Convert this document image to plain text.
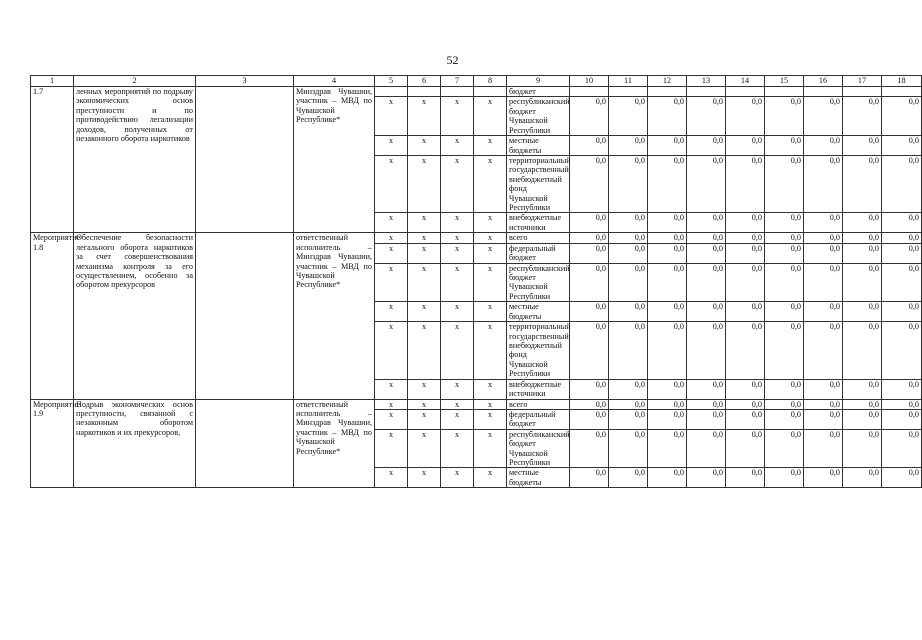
52
1	2	3	4	5	6	7	8	9	10	11	12	13	14	15	16	17	18
1.7	ленных мероприятий по подрыву экономических основ преступности и по противодействию легализации доходов, полученных от незаконного оборота наркотиков		Минздрав Чувашии, участник – МВД по Чувашской Республике*					бюджет									
				x	x	x	x	республиканский бюджет Чувашской Республики	0,0	0,0	0,0	0,0	0,0	0,0	0,0	0,0	0,0
				x	x	x	x	местные бюджеты	0,0	0,0	0,0	0,0	0,0	0,0	0,0	0,0	0,0
				x	x	x	x	территориальный государственный внебюджетный фонд Чувашской Республики	0,0	0,0	0,0	0,0	0,0	0,0	0,0	0,0	0,0
				x	x	x	x	внебюджетные источники	0,0	0,0	0,0	0,0	0,0	0,0	0,0	0,0	0,0
Мероприятие 1.8	Обеспечение безопасности легального оборота наркотиков за счет совершенствования механизма контроля за его осуществлением, особенно за оборотом прекурсоров		ответственный исполнитель – Минздрав Чувашии, участник – МВД по Чувашской Республике*	x	x	x	x	всего	0,0	0,0	0,0	0,0	0,0	0,0	0,0	0,0	0,0
				x	x	x	x	федеральный бюджет	0,0	0,0	0,0	0,0	0,0	0,0	0,0	0,0	0,0
				x	x	x	x	республиканский бюджет Чувашской Республики	0,0	0,0	0,0	0,0	0,0	0,0	0,0	0,0	0,0
				x	x	x	x	местные бюджеты	0,0	0,0	0,0	0,0	0,0	0,0	0,0	0,0	0,0
				x	x	x	x	территориальный государственный внебюджетный фонд Чувашской Республики	0,0	0,0	0,0	0,0	0,0	0,0	0,0	0,0	0,0
				x	x	x	x	внебюджетные источники	0,0	0,0	0,0	0,0	0,0	0,0	0,0	0,0	0,0
Мероприятие 1.9	Подрыв экономических основ преступности, связанной с незаконным оборотом наркотиков и их прекурсоров,		ответственный исполнитель – Минздрав Чувашии, участник – МВД по Чувашской Республике*	x	x	x	x	всего	0,0	0,0	0,0	0,0	0,0	0,0	0,0	0,0	0,0
				x	x	x	x	федеральный бюджет	0,0	0,0	0,0	0,0	0,0	0,0	0,0	0,0	0,0
				x	x	x	x	республиканский бюджет Чувашской Республики	0,0	0,0	0,0	0,0	0,0	0,0	0,0	0,0	0,0
				x	x	x	x	местные бюджеты	0,0	0,0	0,0	0,0	0,0	0,0	0,0	0,0	0,0
